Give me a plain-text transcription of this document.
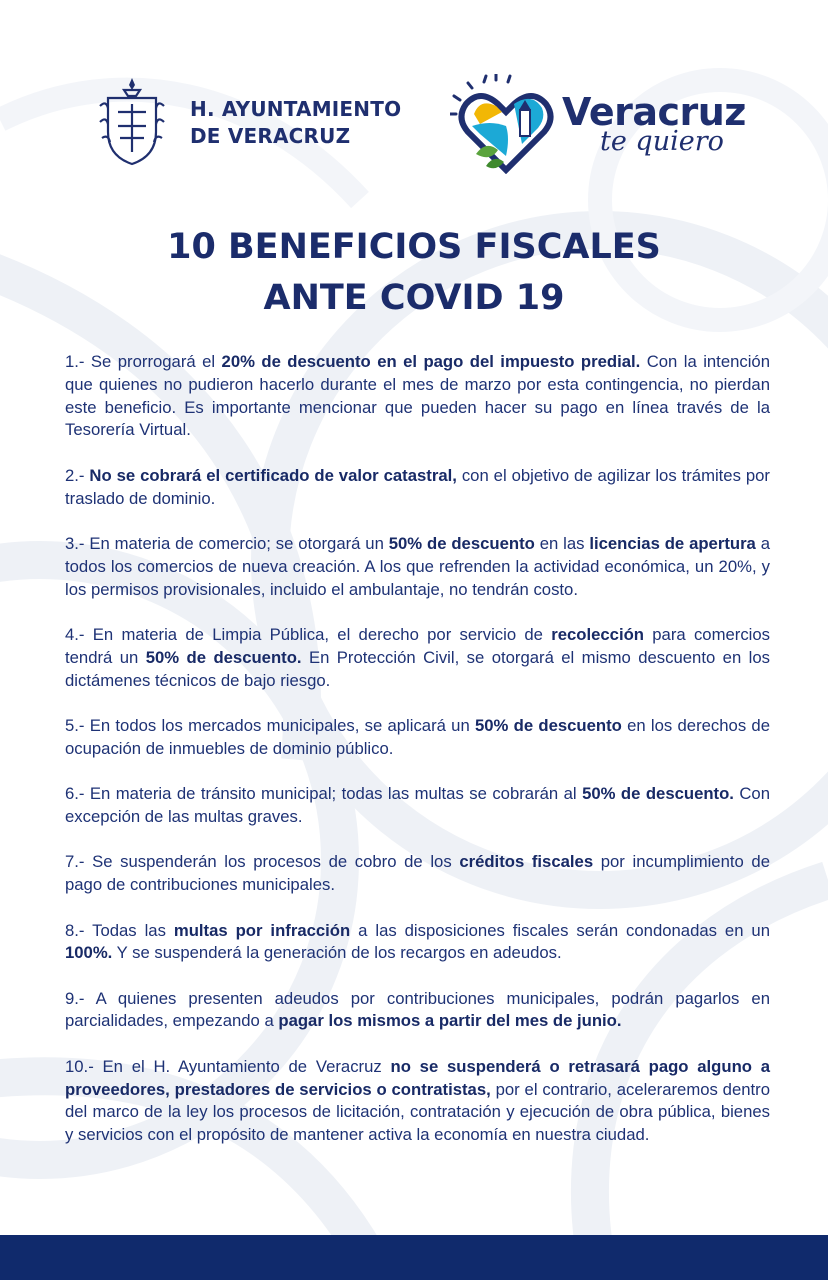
H. AYUNTAMIENTO
DE VERACRUZ
Veracruz
te quiero
10 BENEFICIOS FISCALES
ANTE COVID 19

1.- Se prorrogará el 20% de descuento en el pago del impuesto predial. Con la intención que quienes no pudieron hacerlo durante el mes de marzo por esta contingencia, no pierdan este beneficio. Es importante mencionar que pueden hacer su pago en línea través de la Tesorería Virtual.

2.- No se cobrará el certificado de valor catastral, con el objetivo de agilizar los trámites por traslado de dominio.

3.- En materia de comercio; se otorgará un 50% de descuento en las licencias de apertura a todos los comercios de nueva creación. A los que refrenden la actividad económica, un 20%, y los permisos provisionales, incluido el ambulantaje, no tendrán costo.

4.- En materia de Limpia Pública, el derecho por servicio de recolección para comercios tendrá un 50% de descuento. En Protección Civil, se otorgará el mismo descuento en los dictámenes técnicos de bajo riesgo.

5.- En todos los mercados municipales, se aplicará un 50% de descuento en los derechos de ocupación de inmuebles de dominio público.

6.- En materia de tránsito municipal; todas las multas se cobrarán al 50% de descuento. Con excepción de las multas graves.

7.- Se suspenderán los procesos de cobro de los créditos fiscales por incumplimiento de pago de contribuciones municipales.

8.- Todas las multas por infracción a las disposiciones fiscales serán condonadas en un 100%. Y se suspenderá la generación de los recargos en adeudos.

9.- A quienes presenten adeudos por contribuciones municipales, podrán pagarlos en parcialidades, empezando a pagar los mismos a partir del mes de junio.

10.- En el H. Ayuntamiento de Veracruz no se suspenderá o retrasará pago alguno a proveedores, prestadores de servicios o contratistas, por el contrario, aceleraremos dentro del marco de la ley los procesos de licitación, contratación y ejecución de obra pública, bienes y servicios con el propósito de mantener activa la economía en nuestra ciudad.
